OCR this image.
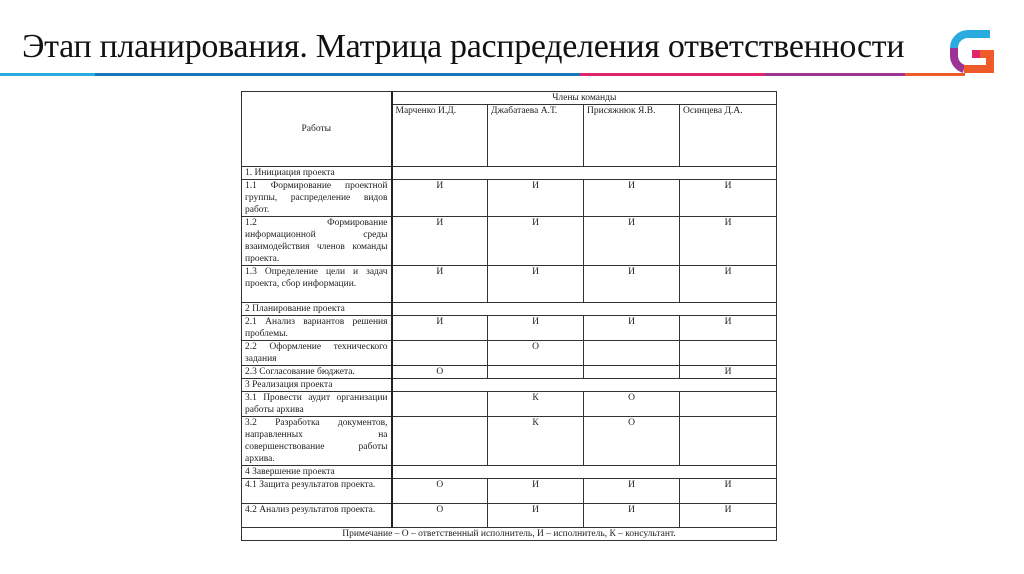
Этап планирования. Матрица распределения ответственности
Работы	Члены команды			
	Марченко И.Д.	Джабатаева А.Т.	Присяжнюк Я.В.	Осинцева Д.А.
1. Инициация проекта				
1.1 Формирование проектной группы, распределение видов работ.	И	И	И	И
1.2 Формирование информационной среды взаимодействия членов команды проекта.	И	И	И	И
1.3 Определение цели и задач проекта, сбор информации.	И	И	И	И
2 Планирование проекта				
2.1 Анализ вариантов решения проблемы.	И	И	И	И
2.2 Оформление технического задания		О		
2.3 Согласование бюджета.	О			И
3 Реализация проекта				
3.1 Провести аудит организации работы архива		К	О	
3.2 Разработка документов, направленных на совершенствование работы архива.		К	О	
4 Завершение проекта				
4.1 Защита результатов проекта.	О	И	И	И
4.2 Анализ результатов проекта.	О	И	И	И
Примечание – О – ответственный исполнитель, И – исполнитель, К – консультант.				
